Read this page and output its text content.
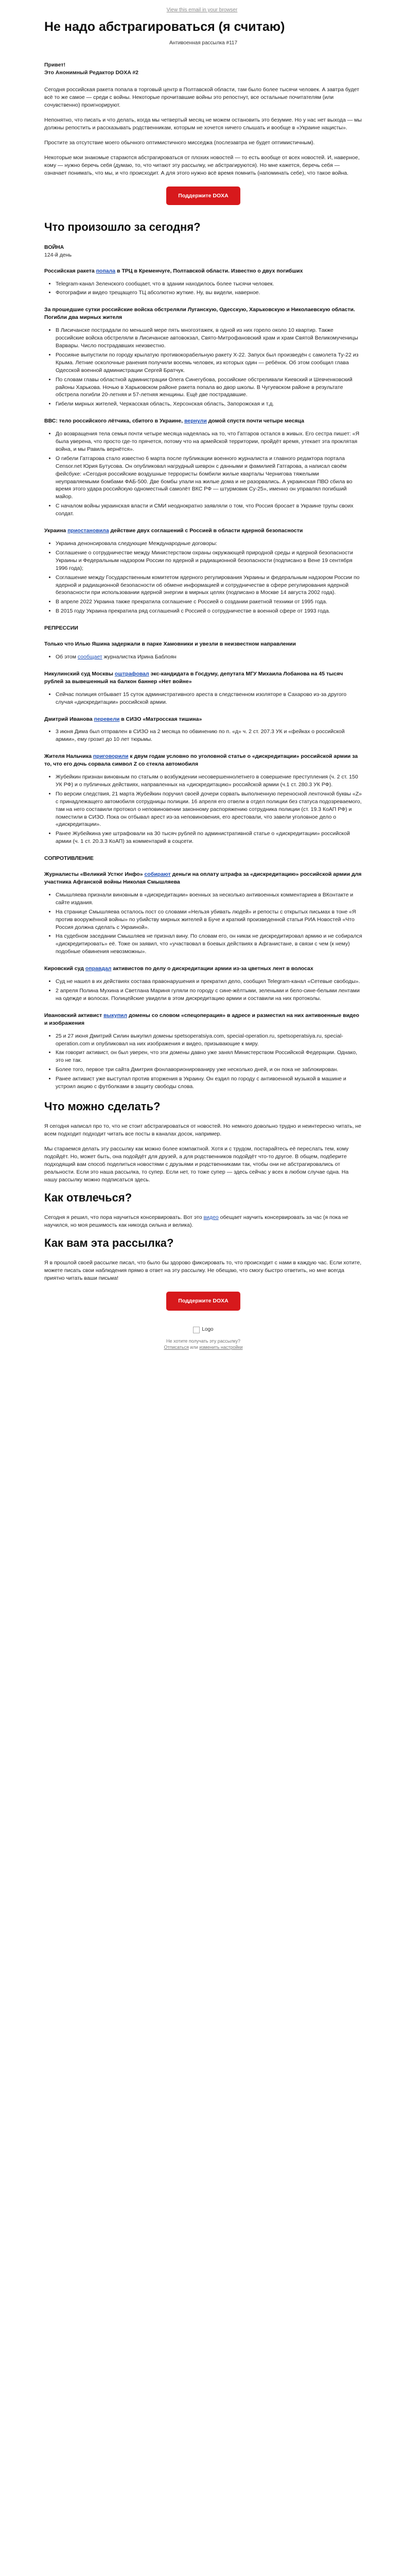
View this email in your browser
Не надо абстрагироваться (я считаю)
Антивоенная рассылка #117
Привет!
Это Анонимный Редактор DOXA #2

Сегодня российская ракета попала в торговый центр в Полтавской области, там было более тысячи человек. А завтра будет всё то же самое — среди с войны. Некоторые прочитавшие войны это репостнут, все остальные почитателям (или сочувственно) проигнорируют.

Непонятно, что писать и что делать, когда мы четвертый месяц не можем остановить это безумие. Но у нас нет выхода — мы должны репостить и рассказывать родственникам, которым не хочется ничего слышать и вообще в «Украине нацисты».

Простите за отсутствие моего обычного оптимистичного мисседжа (послезавтра не будет оптимистичным).

Некоторые мои знакомые стараются абстрагироваться от плохих новостей — то есть вообще от всех новостей. И, наверное, кому — нужно беречь себя (думаю, то, что читают эту рассылку, не абстрагируются). Но мне кажется, беречь себя — означает понимать, что мы, и что происходит. А для этого нужно всё время помнить (напоминать себе), что такое война.

Поддержите DOXA
Что произошло за сегодня?
ВОЙНА
124-й день
Российская ракета попала в ТРЦ в Кременчуге, Полтавской области. Известно о двух погибших
• Telegram-канал Зеленского сообщает, что в здании находилось более тысячи человек.
• Фотографии и видео трещащего ТЦ абсолютно жуткие. Ну, вы видели, наверное.
За прошедшие сутки российские войска обстреляли Луганскую, Одесскую, Харьковскую и Николаевскую области. Погибли два мирных жителя
• В Лисичанске пострадали по меньшей мере пять многоэтажек, в одной из них горело около 10 квартир. Также российские войска обстреляли в Лисичанске автовокзал, Свято-Митрофановский храм и храм Святой Великомученицы Варвары. Число пострадавших неизвестно.
• Россияне выпустили по городу крылатую противокорабельную ракету Х-22. Запуск был произведён с самолета Ту-22 из Крыма. Летние осколочные ранения получили восемь человек, из которых один — ребёнок. Об этом сообщил глава Одесской военной администрации Сергей Братчук.
• По словам главы областной администрации Олега Синегубова, российские обстреливали Киевский и Шевченковский районы Харькова. Ночью в Харьковском районе ракета попала во двор школы. В Чугуевском районе в результате обстрела погибли 20-летняя и 57-летняя женщины. Ещё две пострадавшие.
• Гибели мирных жителей, Черкасская область, Херсонская область, Запорожская и т.д.
ВВС: тело российского лётчика, сбитого в Украине, вернули домой спустя почти четыре месяца
• До возвращения тела семья почти четыре месяца надеялась на то, что Гатгаров остался в живых. Его сестра пишет: «Я была уверена, что просто где-то прячется, потому что на армейской территории, пройдёт время, утекает эта проклятая война, и мы Равиль вернётся».
• О гибели Гатгарова стало известно 6 марта после публикации военного журналиста и главного редактора портала Censor.net Юрия Бутусова. Он опубликовал нагрудный шеврон с данными и фамилией Гатгарова, а написал своём фейсбуке: «Сегодня российские воздушные террористы бомбили жилые кварталы Чернигова тяжелыми неуправляемыми бомбами ФАБ-500. Две бомбы упали на жилые дома и не разорвались. А украинская ПВО сбила во время этого удара российскую одноместный самолёт ВКС РФ — штурмовик Су-25», именно он управлял погибший майор.
• С началом войны украинская власти и СМИ неоднократно заявляли о том, что Россия бросает в Украине трупы своих солдат.
Украина приостановила действие двух соглашений с Россией в области ядерной безопасности
• Украина денонсировала следующие Международные договоры:
• Соглашение о сотрудничестве между Министерством охраны окружающей природной среды и ядерной безопасности Украины и Федеральным надзором России по ядерной и радиационной безопасности (подписано в Вене 19 сентября 1996 года);
• Соглашение между Государственным комитетом ядерного регулирования Украины и федеральным надзором России по ядерной и радиационной безопасности об обмене информацией и сотрудничестве в сфере регулирования ядерной безопасности при использовании ядерной энергии в мирных целях (подписано в Москве 14 августа 2002 года).
• В апреле 2022 Украина также прекратила соглашение с Россией о создании ракетной техники от 1995 года.
• В 2015 году Украина прекратила ряд соглашений с Россией о сотрудничестве в военной сфере от 1993 года.
РЕПРЕССИИ
Только что Илью Яшина задержали в парке Хамовники и увезли в неизвестном направлении
• Об этом сообщает журналистка Ирина Баблоян
Никулинский суд Москвы оштрафовал экс-кандидата в Госдуму, депутата МГУ Михаила Лобанова на 45 тысяч рублей за вывешенный на балкон баннер «Нет войне»
• Сейчас полиция отбывает 15 суток административного ареста в следственном изоляторе в Сахарово из-за другого случая «дискредитации» российской армии.
Дмитрий Иванова перевели в СИЗО «Матросская тишина»
• 3 июня Дима был отправлен в СИЗО на 2 месяца по обвинению по п. «д» ч. 2 ст. 207.3 УК и «фейках о российской армии», ему грозит до 10 лет тюрьмы.
Жителя Нальчика приговорили к двум годам условно по уголовной статье о «дискредитации» российской армии за то, что его дочь сорвала символ Z со стекла автомобиля
• Жубейкин признан виновным по статьям о возбуждении несовершеннолетнего в совершение преступления (ч. 2 ст. 150 УК РФ) и о публичных действиях, направленных на «дискредитацию» российской армии (ч.1 ст. 280.3 УК РФ).
• По версии следствия, 21 марта Жубейкин поручил своей дочери сорвать выполненную переносной ленточной буквы «Z» с принадлежащего автомобиля сотрудницы полиции. 16 апреля его отвели в отдел полиции без статуса подозреваемого, там на него составили протокол о неповиновении законному распоряжению сотрудника полиции (ст. 19.3 КоАП РФ) и поместили в СИЗО. Пока он отбывал арест из-за неповиновения, его арестовали, что завели уголовное дело о «дискредитации».
• Ранее Жубейкина уже штрафовали на 30 тысяч рублей по административной статье о «дискредитации» российской армии (ч. 1 ст. 20.3.3 КоАП) за комментарий в соцсети.
СОПРОТИВЛЕНИЕ
Журналисты «Великий Устюг Инфо» собирают деньги на оплату штрафа за «дискредитацию» российской армии для участника Афганской войны Николая Смышляева
• Смышляева признали виновным в «дискредитации» военных за несколько антивоенных комментариев в ВКонтакте и сайте издания.
• На странице Смышляева осталось пост со словами «Нельзя убивать людей» и репосты с открытых письмах в тоне «Я против вооружённой войны» по убийству мирных жителей в Буче и краткий произведенной статьи РИА Новостей «Что Россия должна сделать с Украиной».
• На судебном заседании Смышляев не признал вину. По словам его, он никак не дискредитировал армию и не собирался «дискредитировать» её. Тоже он заявил, что «участвовал в боевых действиях в Афганистане, в связи с чем (к нему) подобные обвинения невозможны».
Кировский суд оправдал активистов по делу о дискредитации армии из-за цветных лент в волосах
• Суд не нашел в их действиях состава правонарушения и прекратил дело, сообщил Telegram-канал «Сетевые свободы».
• 2 апреля Полина Мухина и Светлана Мариня гуляли по городу с сине-жёлтыми, зелеными и бело-сине-белыми лентами на одежде и волосах. Полицейские увидели в этом дискредитацию армии и составили на них протоколы.
Ивановский активист выкупил домены со словом «спецоперация» в адресе и разместил на них антивоенные видео и изображения
• 25 и 27 июня Дмитрий Силин выкупил домены spetsoperatsiya.com, special-operation.ru, spetsoperatsiya.ru, special-operation.com и опубликовал на них изображения и видео, призывающие к миру.
• Как говорит активист, он был уверен, что эти домены давно уже занял Министерством Российской Федерации. Однако, это не так.
• Более того, первое три сайта Дмитрия фонлаворионированиру уже несколько дней, и он пока не заблокирован.
• Ранее активист уже выступал против вторжения в Украину. Он ездил по городу с антивоенной музыкой в машине и устроил акцию с футболками в защиту свободы слова.
Что можно сделать?

Я сегодня написал про то, что не стоит абстрагироваться от новостей. Но немного довольно трудно и неинтересно читать, не всем подходит подходит читать все посты в каналах досок, например.

Мы стараемся делать эту рассылку как можно более компактной. Хотя и с трудом, постарайтесь её переслать тем, кому подойдёт. Но, может быть, она подойдёт для друзей, а для родственников подойдёт что-то другое. В общем, подберите подходящий вам способ поделиться новостями с друзьями и родственниками так, чтобы они не абстрагировались от реальности. Если это наша рассылка, то супер. Если нет, то тоже супер — здесь сейчас у всех в любом случае одна. На нашу рассылку можно подписаться здесь.

Как отвлечься?

Сегодня я решил, что пора научиться консервировать. Вот это видео обещает научить консервировать за час (я пока не научился, но моя решимость как никогда сильна и велика).

Как вам эта рассылка?

Я в прошлой своей рассылке писал, что было бы здорово фиксировать то, что происходит с нами в каждую час. Если хотите, можете писать свои наблюдения прямо в ответ на эту рассылку. Не обещаю, что смогу быстро ответить, но мне всегда приятно читать ваши письма!

Поддержите DOXA
Logo
Не хотите получать эту рассылку?
Отписаться или изменить настройки
